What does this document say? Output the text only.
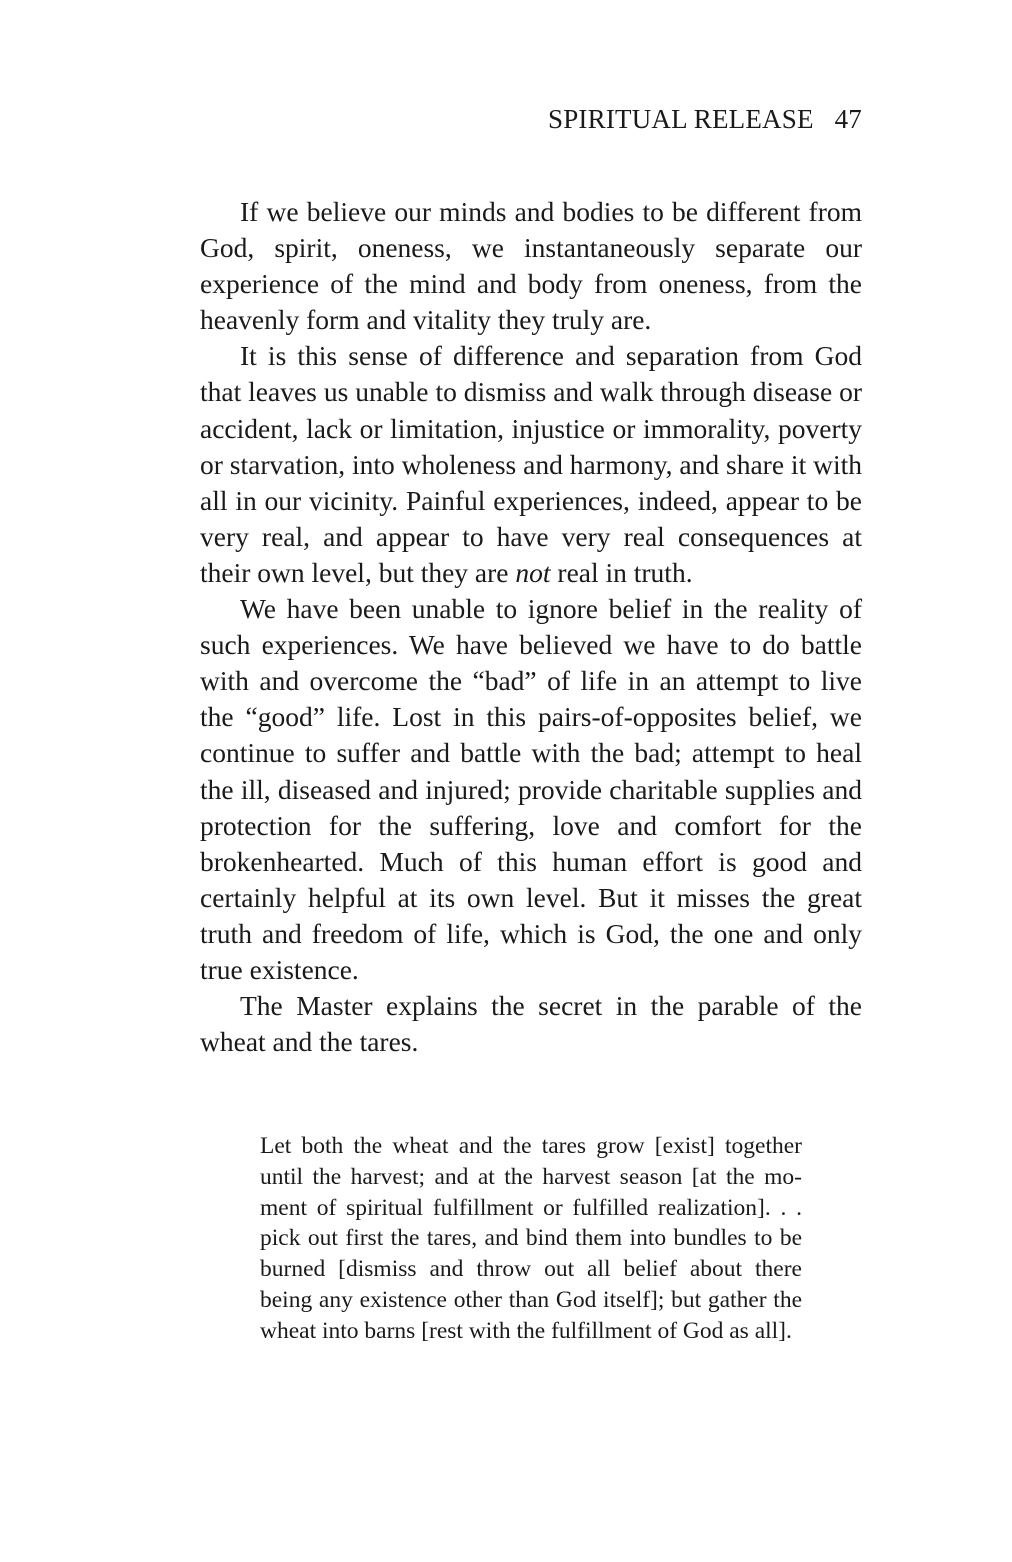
SPIRITUAL RELEASE 47

If we believe our minds and bodies to be different from God, spirit, oneness, we instantaneously separate our experience of the mind and body from oneness, from the heavenly form and vitality they truly are.

It is this sense of difference and separation from God that leaves us unable to dismiss and walk through disease or accident, lack or limitation, injustice or immorality, poverty or starvation, into wholeness and harmony, and share it with all in our vicinity. Painful experiences, indeed, appear to be very real, and appear to have very real consequences at their own level, but they are not real in truth.

We have been unable to ignore belief in the reality of such experiences. We have believed we have to do battle with and overcome the “bad” of life in an attempt to live the “good” life. Lost in this pairs-of-opposites belief, we continue to suffer and battle with the bad; attempt to heal the ill, diseased and injured; provide charitable supplies and protection for the suffering, love and comfort for the brokenhearted. Much of this human effort is good and certainly helpful at its own level. But it misses the great truth and freedom of life, which is God, the one and only true existence.

The Master explains the secret in the parable of the wheat and the tares.

Let both the wheat and the tares grow [exist] together until the harvest; and at the harvest season [at the moment of spiritual fulfillment or fulfilled realization]. . . pick out first the tares, and bind them into bundles to be burned [dismiss and throw out all belief about there being any existence other than God itself]; but gather the wheat into barns [rest with the fulfillment of God as all].
